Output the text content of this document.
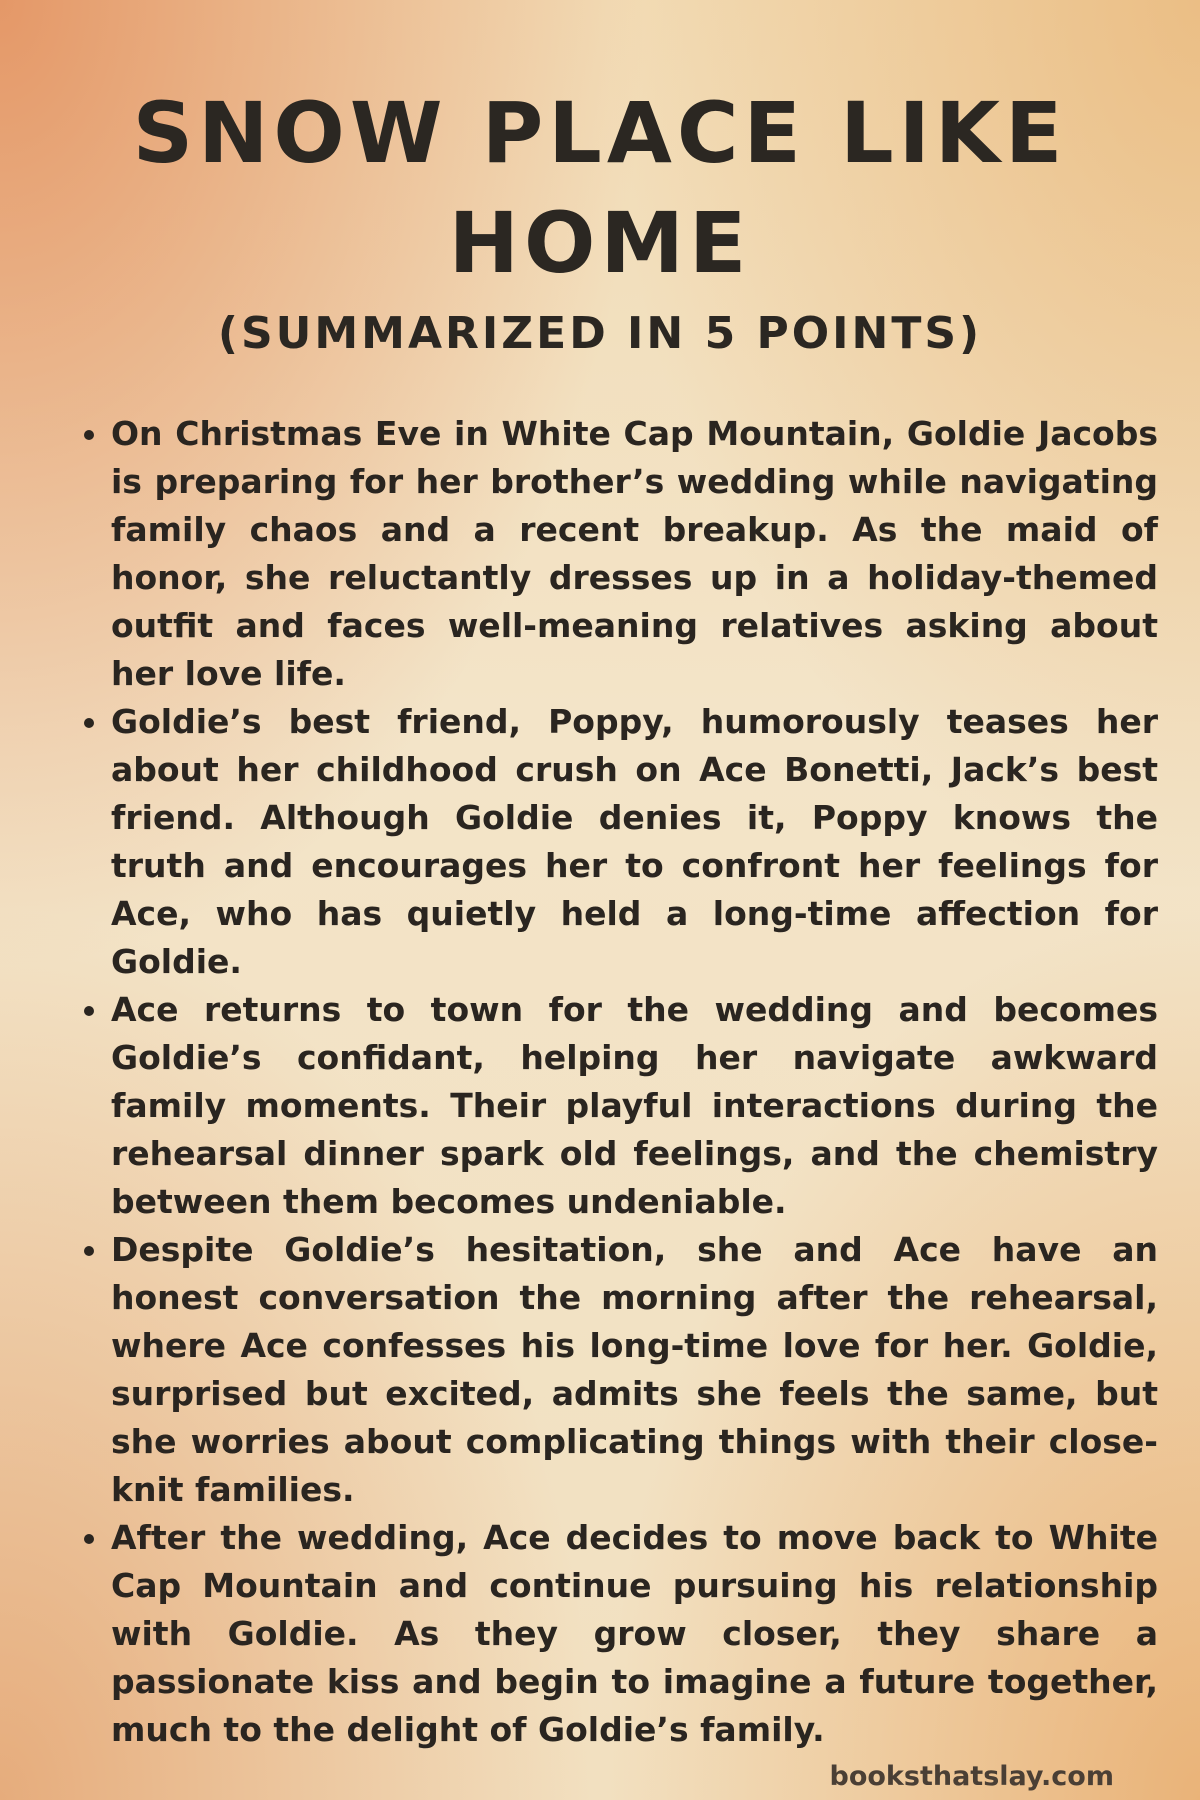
SNOW PLACE LIKE HOME
(SUMMARIZED IN 5 POINTS)
• On Christmas Eve in White Cap Mountain, Goldie Jacobs is preparing for her brother’s wedding while navigating family chaos and a recent breakup. As the maid of honor, she reluctantly dresses up in a holiday-themed outfit and faces well-meaning relatives asking about her love life.
• Goldie’s best friend, Poppy, humorously teases her about her childhood crush on Ace Bonetti, Jack’s best friend. Although Goldie denies it, Poppy knows the truth and encourages her to confront her feelings for Ace, who has quietly held a long-time affection for Goldie.
• Ace returns to town for the wedding and becomes Goldie’s confidant, helping her navigate awkward family moments. Their playful interactions during the rehearsal dinner spark old feelings, and the chemistry between them becomes undeniable.
• Despite Goldie’s hesitation, she and Ace have an honest conversation the morning after the rehearsal, where Ace confesses his long-time love for her. Goldie, surprised but excited, admits she feels the same, but she worries about complicating things with their close-knit families.
• After the wedding, Ace decides to move back to White Cap Mountain and continue pursuing his relationship with Goldie. As they grow closer, they share a passionate kiss and begin to imagine a future together, much to the delight of Goldie’s family.
booksthatslay.com
